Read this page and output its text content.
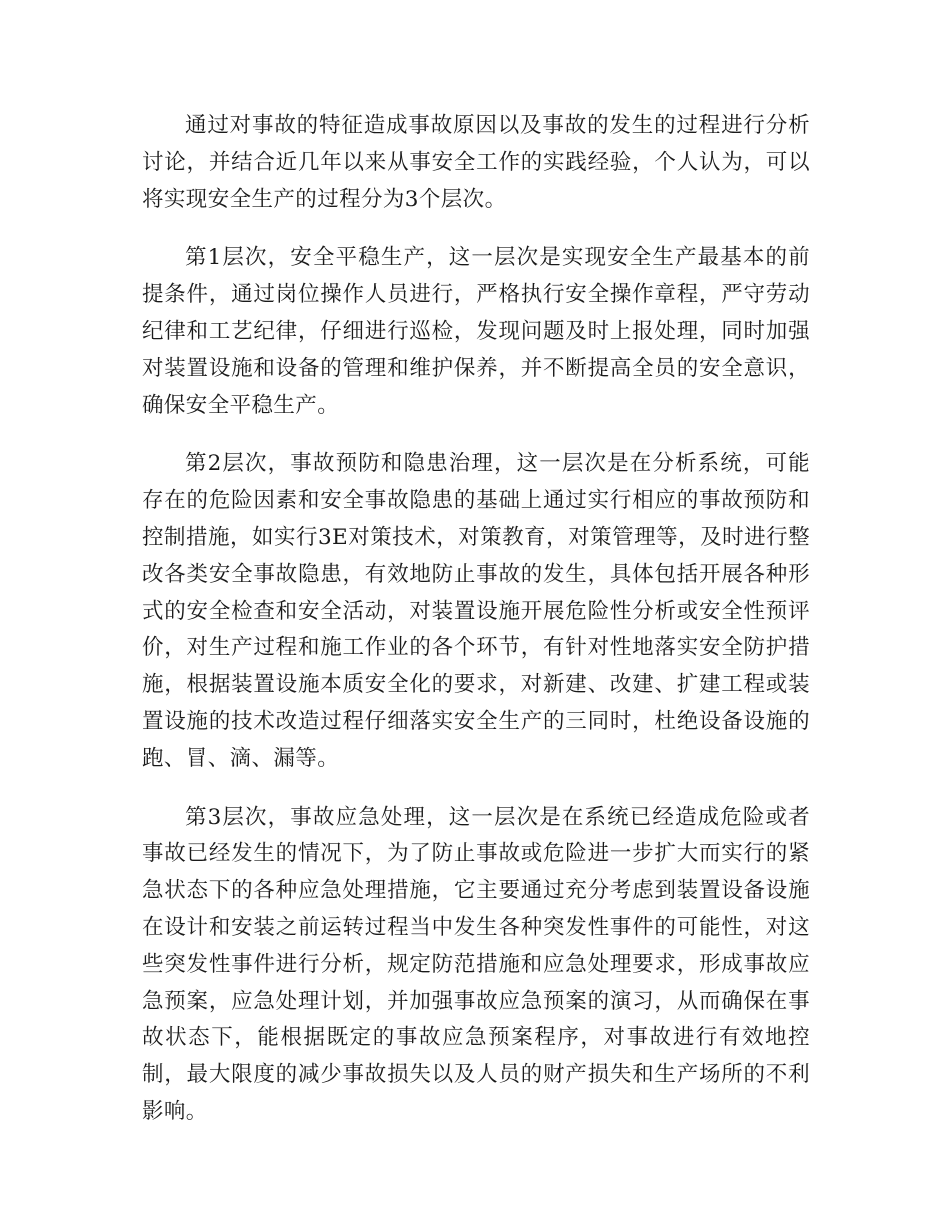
通过对事故的特征造成事故原因以及事故的发生的过程进行分析讨论，并结合近几年以来从事安全工作的实践经验，个人认为，可以将实现安全生产的过程分为3个层次。

第1层次，安全平稳生产，这一层次是实现安全生产最基本的前提条件，通过岗位操作人员进行，严格执行安全操作章程，严守劳动纪律和工艺纪律，仔细进行巡检，发现问题及时上报处理，同时加强对装置设施和设备的管理和维护保养，并不断提高全员的安全意识，确保安全平稳生产。

第2层次，事故预防和隐患治理，这一层次是在分析系统，可能存在的危险因素和安全事故隐患的基础上通过实行相应的事故预防和控制措施，如实行3E对策技术，对策教育，对策管理等，及时进行整改各类安全事故隐患，有效地防止事故的发生，具体包括开展各种形式的安全检查和安全活动，对装置设施开展危险性分析或安全性预评价，对生产过程和施工作业的各个环节，有针对性地落实安全防护措施，根据装置设施本质安全化的要求，对新建、改建、扩建工程或装置设施的技术改造过程仔细落实安全生产的三同时，杜绝设备设施的跑、冒、滴、漏等。

第3层次，事故应急处理，这一层次是在系统已经造成危险或者事故已经发生的情况下，为了防止事故或危险进一步扩大而实行的紧急状态下的各种应急处理措施，它主要通过充分考虑到装置设备设施在设计和安装之前运转过程当中发生各种突发性事件的可能性，对这些突发性事件进行分析，规定防范措施和应急处理要求，形成事故应急预案，应急处理计划，并加强事故应急预案的演习，从而确保在事故状态下，能根据既定的事故应急预案程序，对事故进行有效地控制，最大限度的减少事故损失以及人员的财产损失和生产场所的不利影响。
